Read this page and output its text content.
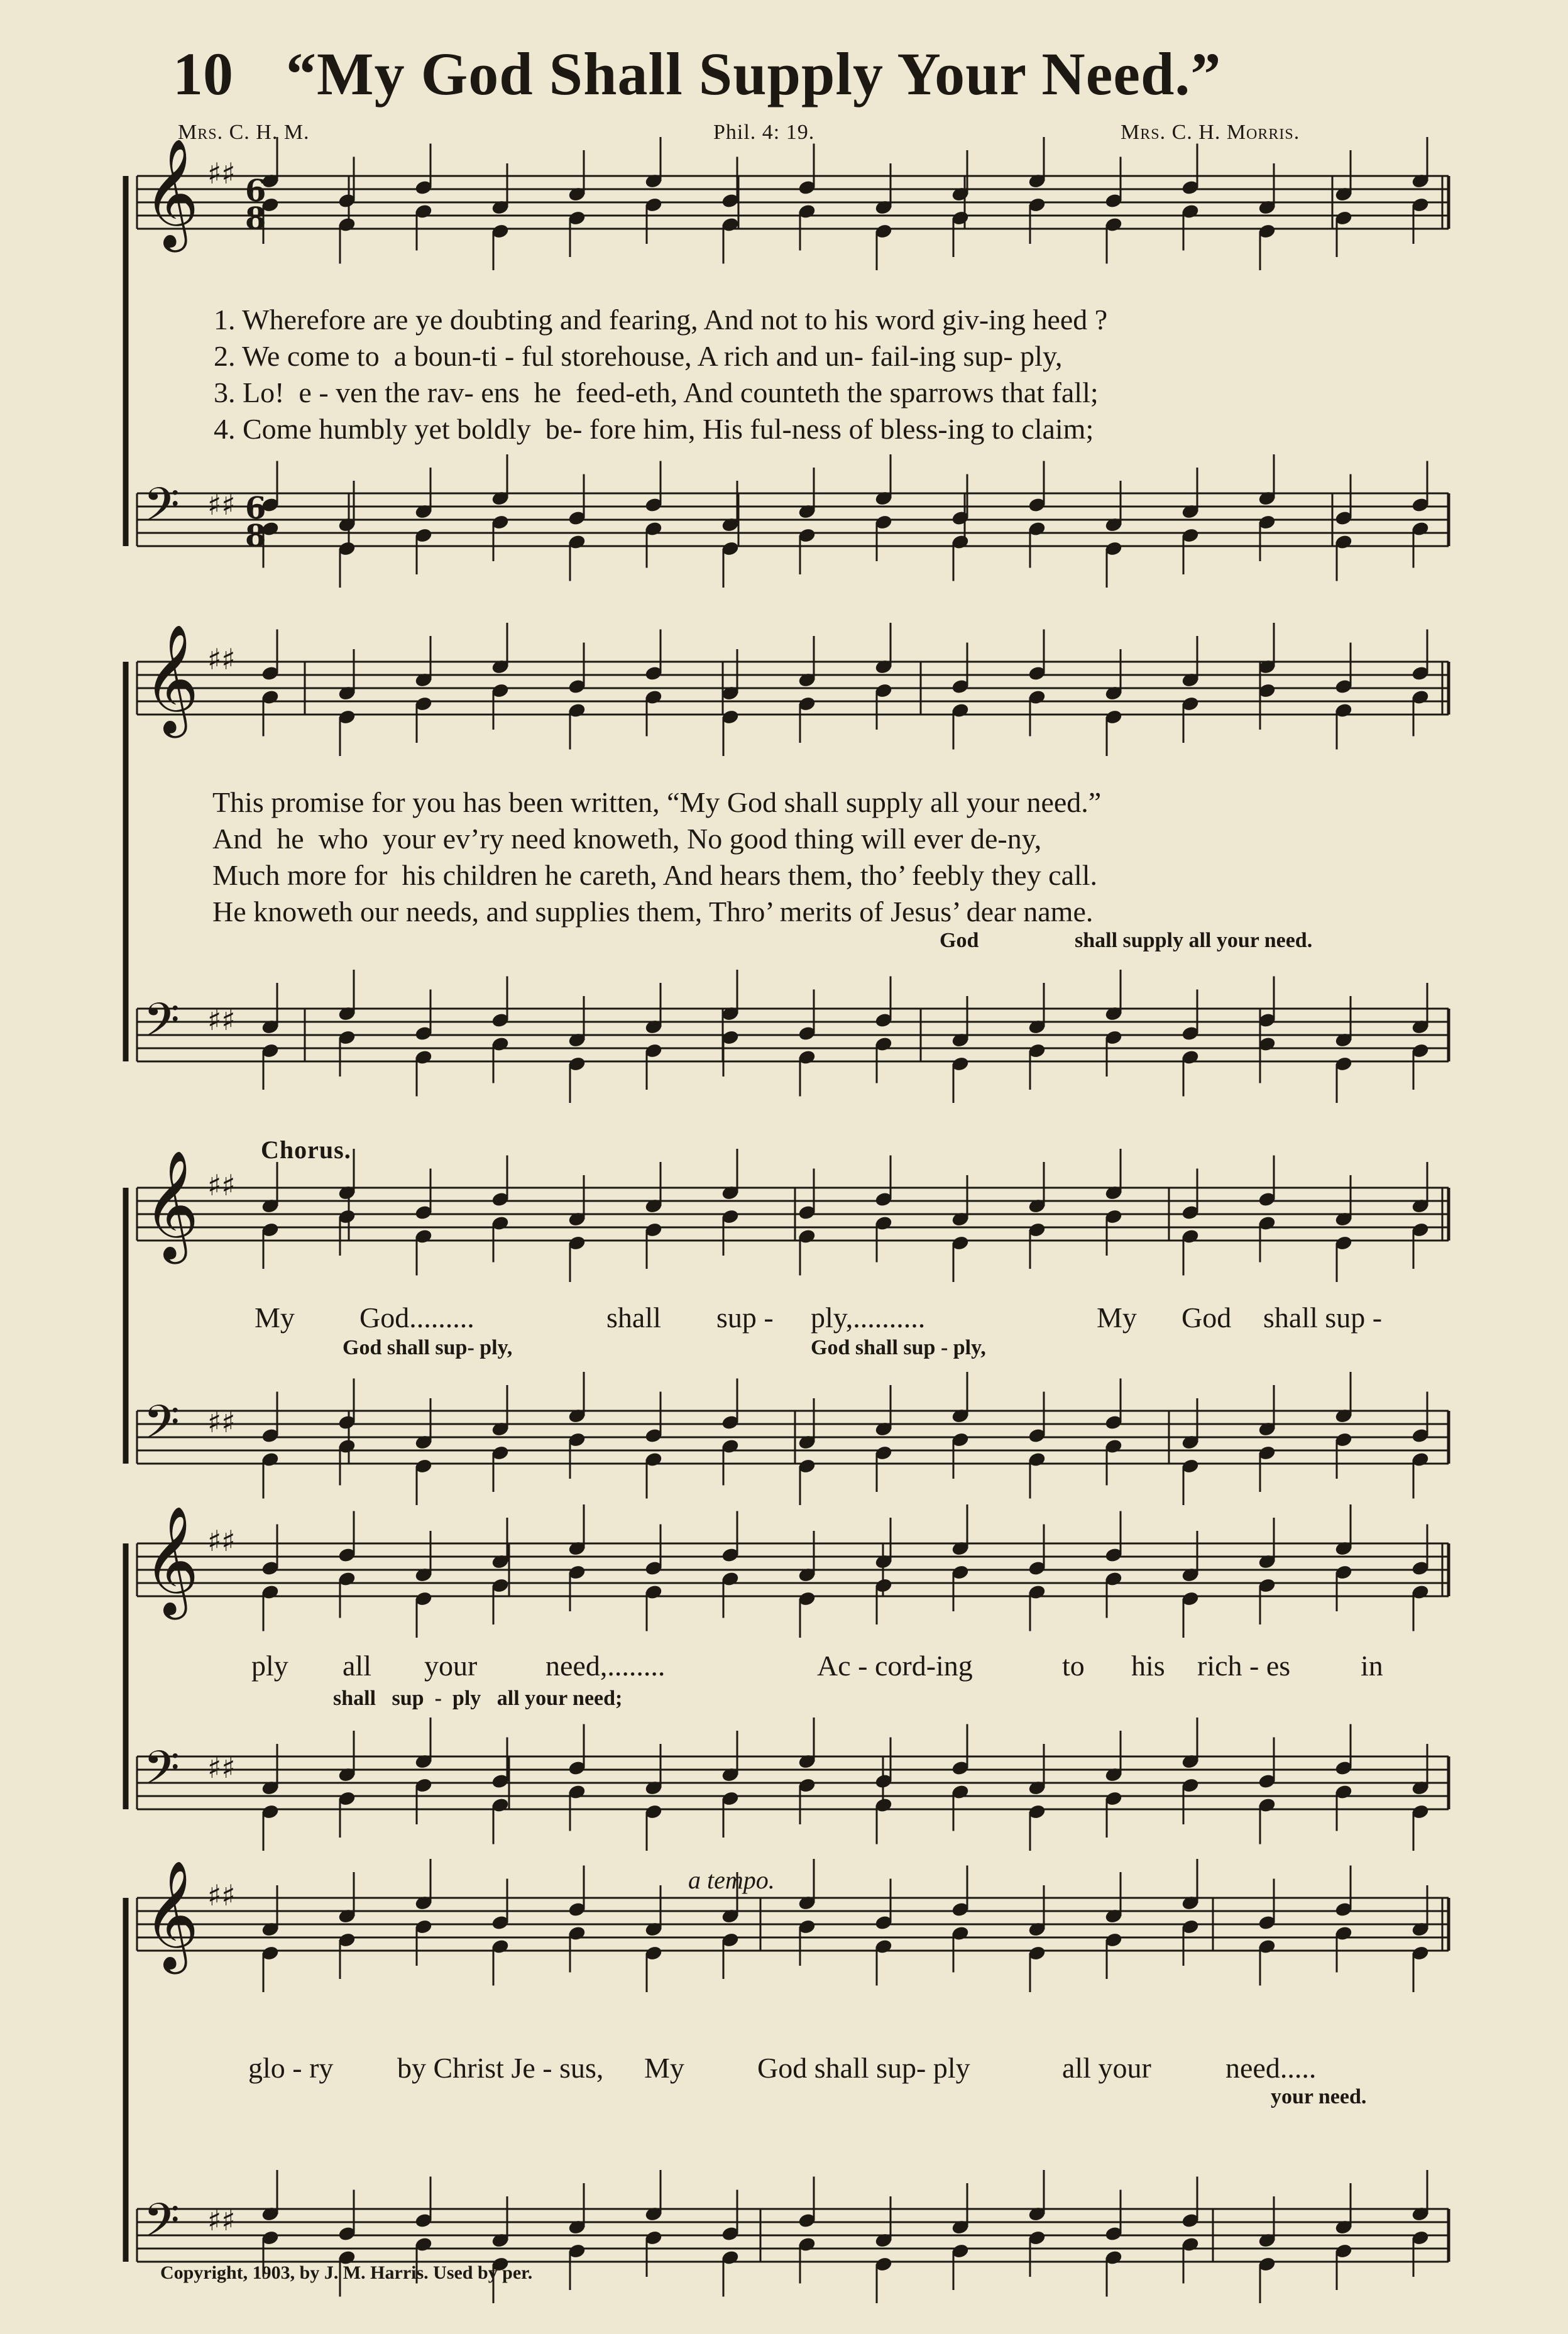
10 “My God Shall Supply Your Need.”
Mrs. C. H. M.	Phil. 4: 19.	Mrs. C. H. Morris.
𝄞 ♯♯
𝄢 ♯♯
𝄞 ♯♯
𝄢 ♯♯
𝄞 ♯♯
𝄢 ♯♯
𝄞 ♯♯
𝄢 ♯♯
𝄞 ♯♯
𝄢 ♯♯
6
8
6
8
1. Wherefore are ye doubting and fearing, And not to his word giv-ing heed ?
2. We come to  a boun-ti - ful storehouse, A rich and un- fail-ing sup- ply,
3. Lo!  e - ven the rav- ens  he  feed-eth, And counteth the sparrows that fall;
4. Come humbly yet boldly  be- fore him, His ful-ness of bless-ing to claim;
This promise for you has been written, “My God shall supply all your need.”
And  he  who  your ev’ry need knoweth, No good thing will ever de-ny,
Much more for  his children he careth, And hears them, tho’ feebly they call.
He knoweth our needs, and supplies them, Thro’ merits of Jesus’ dear name.
God	shall supply all your need.
Chorus.
My God.........	shall sup - ply,..........	My God shall sup -
God shall sup- ply,	God shall sup - ply,
ply all your need,........	Ac - cord-ing	to his rich - es in
shall   sup  -  ply   all your need;
a tempo.
glo - ry by Christ Je - sus, My	God shall sup- ply	all your	need.....
your need.
Copyright, 1903, by J. M. Harris. Used by per.
